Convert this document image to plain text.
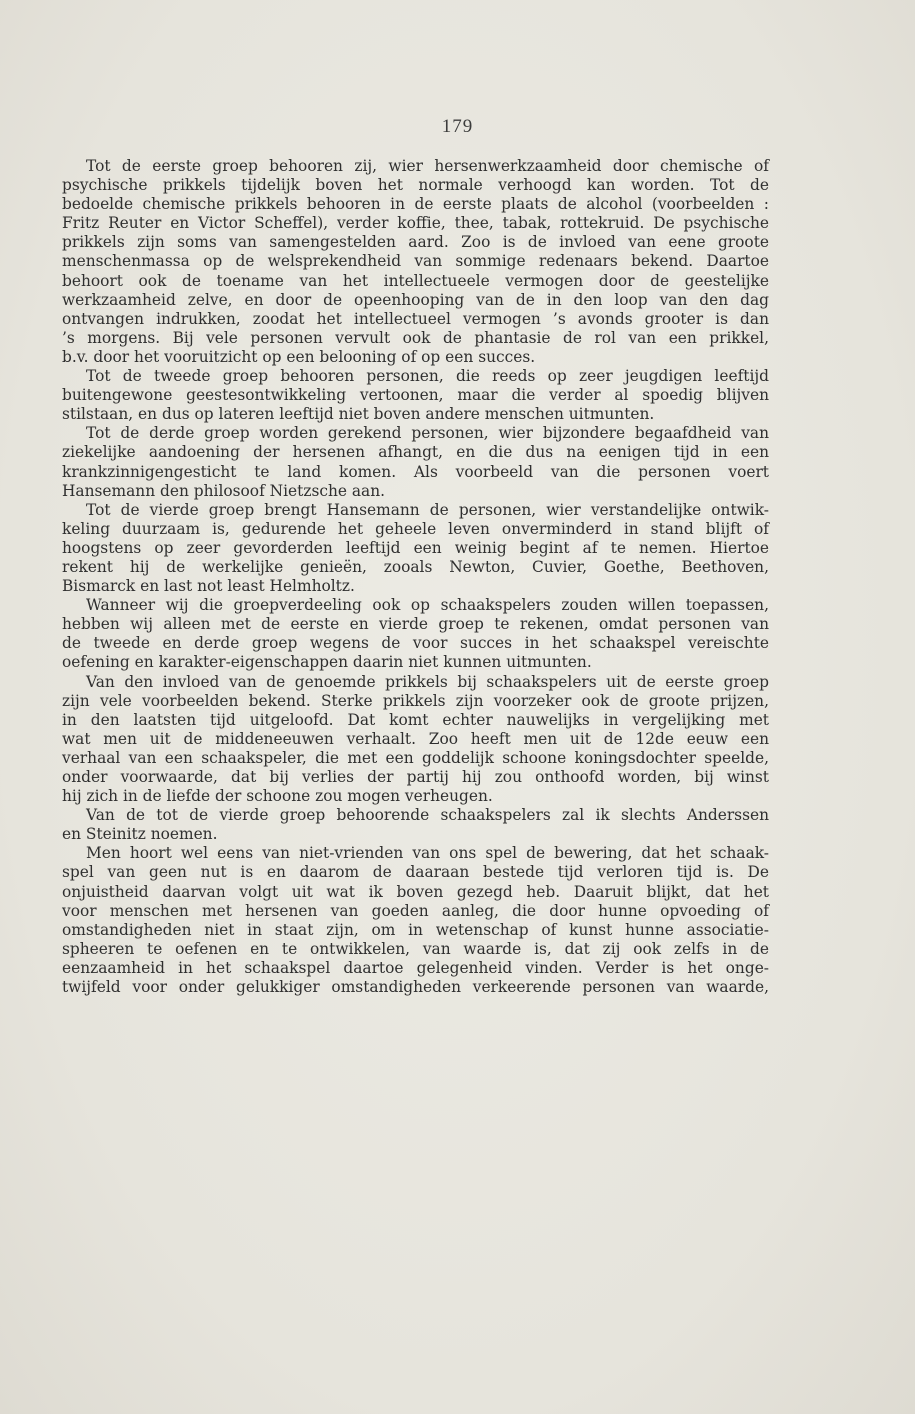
179
Tot de eerste groep behooren zij, wier hersenwerkzaamheid door chemische of
psychische prikkels tijdelijk boven het normale verhoogd kan worden. Tot de
bedoelde chemische prikkels behooren in de eerste plaats de alcohol (voorbeelden :
Fritz Reuter en Victor Scheffel), verder koffie, thee, tabak, rottekruid. De psychische
prikkels zijn soms van samengestelden aard. Zoo is de invloed van eene groote
menschenmassa op de welsprekendheid van sommige redenaars bekend. Daartoe
behoort ook de toename van het intellectueele vermogen door de geestelijke
werkzaamheid zelve, en door de opeenhooping van de in den loop van den dag
ontvangen indrukken, zoodat het intellectueel vermogen ’s avonds grooter is dan
’s morgens. Bij vele personen vervult ook de phantasie de rol van een prikkel,
b.v. door het vooruitzicht op een belooning of op een succes.
Tot de tweede groep behooren personen, die reeds op zeer jeugdigen leeftijd
buitengewone geestesontwikkeling vertoonen, maar die verder al spoedig blijven
stilstaan, en dus op lateren leeftijd niet boven andere menschen uitmunten.
Tot de derde groep worden gerekend personen, wier bijzondere begaafdheid van
ziekelijke aandoening der hersenen afhangt, en die dus na eenigen tijd in een
krankzinnigengesticht te land komen. Als voorbeeld van die personen voert
Hansemann den philosoof Nietzsche aan.
Tot de vierde groep brengt Hansemann de personen, wier verstandelijke ontwik-
keling duurzaam is, gedurende het geheele leven onverminderd in stand blijft of
hoogstens op zeer gevorderden leeftijd een weinig begint af te nemen. Hiertoe
rekent hij de werkelijke genieën, zooals Newton, Cuvier, Goethe, Beethoven,
Bismarck en last not least Helmholtz.
Wanneer wij die groepverdeeling ook op schaakspelers zouden willen toepassen,
hebben wij alleen met de eerste en vierde groep te rekenen, omdat personen van
de tweede en derde groep wegens de voor succes in het schaakspel vereischte
oefening en karakter-eigenschappen daarin niet kunnen uitmunten.
Van den invloed van de genoemde prikkels bij schaakspelers uit de eerste groep
zijn vele voorbeelden bekend. Sterke prikkels zijn voorzeker ook de groote prijzen,
in den laatsten tijd uitgeloofd. Dat komt echter nauwelijks in vergelijking met
wat men uit de middeneeuwen verhaalt. Zoo heeft men uit de 12de eeuw een
verhaal van een schaakspeler, die met een goddelijk schoone koningsdochter speelde,
onder voorwaarde, dat bij verlies der partij hij zou onthoofd worden, bij winst
hij zich in de liefde der schoone zou mogen verheugen.
Van de tot de vierde groep behoorende schaakspelers zal ik slechts Anderssen
en Steinitz noemen.
Men hoort wel eens van niet-vrienden van ons spel de bewering, dat het schaak-
spel van geen nut is en daarom de daaraan bestede tijd verloren tijd is. De
onjuistheid daarvan volgt uit wat ik boven gezegd heb. Daaruit blijkt, dat het
voor menschen met hersenen van goeden aanleg, die door hunne opvoeding of
omstandigheden niet in staat zijn, om in wetenschap of kunst hunne associatie-
spheeren te oefenen en te ontwikkelen, van waarde is, dat zij ook zelfs in de
eenzaamheid in het schaakspel daartoe gelegenheid vinden. Verder is het onge-
twijfeld voor onder gelukkiger omstandigheden verkeerende personen van waarde,
